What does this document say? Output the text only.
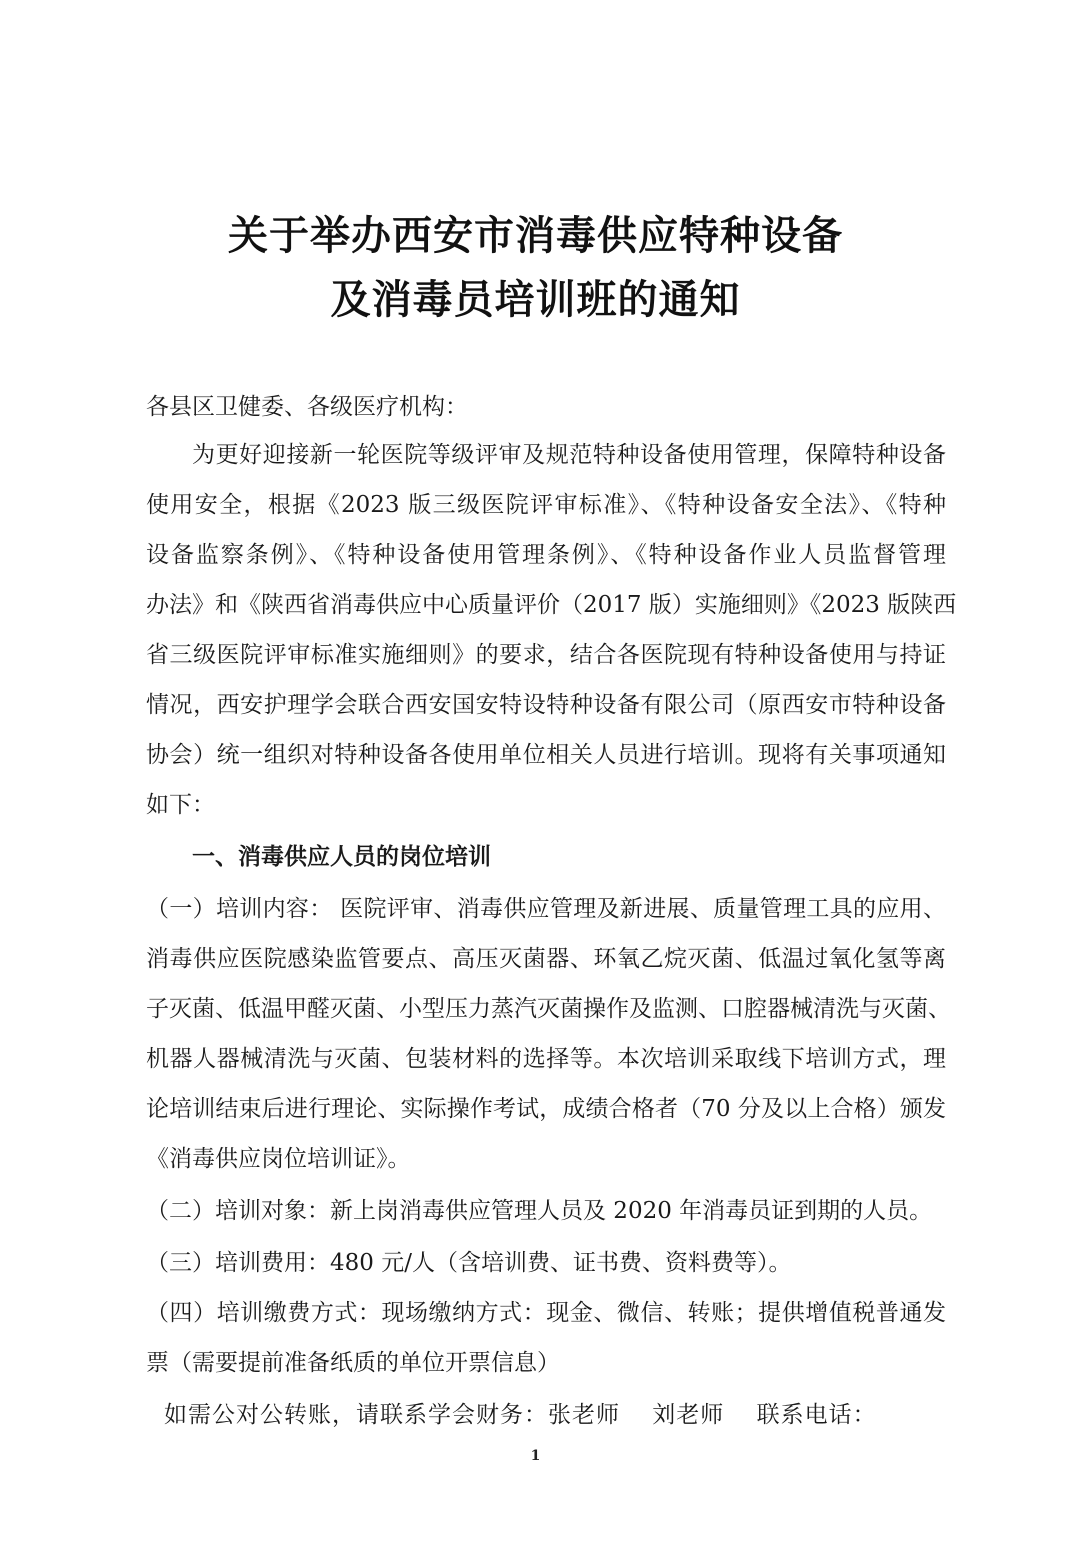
关于举办西安市消毒供应特种设备
及消毒员培训班的通知
各县区卫健委、各级医疗机构：
为更好迎接新一轮医院等级评审及规范特种设备使用管理，保障特种设备
使用安全，根据《2023 版三级医院评审标准》、《特种设备安全法》、《特种
设备监察条例》、《特种设备使用管理条例》、《特种设备作业人员监督管理
办法》和《陕西省消毒供应中心质量评价（2017 版）实施细则》《2023 版陕西
省三级医院评审标准实施细则》的要求，结合各医院现有特种设备使用与持证
情况，西安护理学会联合西安国安特设特种设备有限公司（原西安市特种设备
协会）统一组织对特种设备各使用单位相关人员进行培训。现将有关事项通知
如下：
一、消毒供应人员的岗位培训
（一）培训内容： 医院评审、消毒供应管理及新进展、质量管理工具的应用、
消毒供应医院感染监管要点、高压灭菌器、环氧乙烷灭菌、低温过氧化氢等离
子灭菌、低温甲醛灭菌、小型压力蒸汽灭菌操作及监测、口腔器械清洗与灭菌、
机器人器械清洗与灭菌、包装材料的选择等。本次培训采取线下培训方式，理
论培训结束后进行理论、实际操作考试，成绩合格者（70 分及以上合格）颁发
《消毒供应岗位培训证》。
（二）培训对象：新上岗消毒供应管理人员及 2020 年消毒员证到期的人员。
（三）培训费用：480 元/人（含培训费、证书费、资料费等）。
（四）培训缴费方式：现场缴纳方式：现金、微信、转账；提供增值税普通发
票（需要提前准备纸质的单位开票信息）
如需公对公转账，请联系学会财务：张老师　 刘老师　 联系电话：
1
